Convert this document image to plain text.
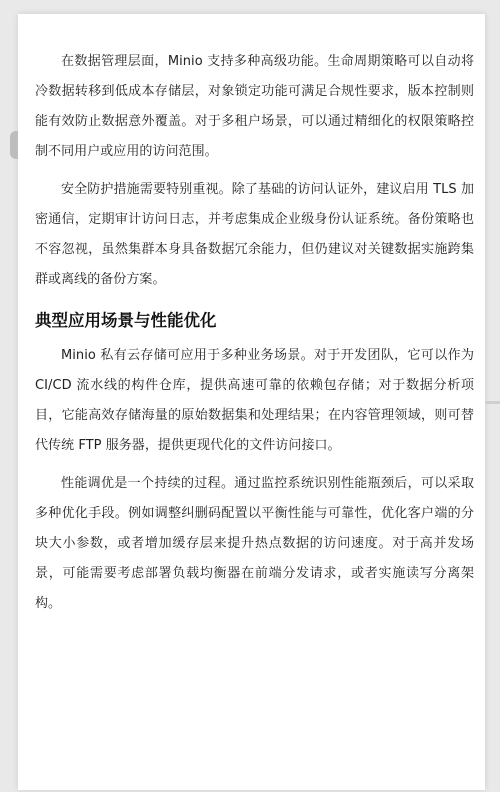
在数据管理层面，Minio 支持多种高级功能。生命周期策略可以自动将冷数据转移到低成本存储层，对象锁定功能可满足合规性要求，版本控制则能有效防止数据意外覆盖。对于多租户场景，可以通过精细化的权限策略控制不同用户或应用的访问范围。

安全防护措施需要特别重视。除了基础的访问认证外，建议启用 TLS 加密通信，定期审计访问日志，并考虑集成企业级身份认证系统。备份策略也不容忽视，虽然集群本身具备数据冗余能力，但仍建议对关键数据实施跨集群或离线的备份方案。

典型应用场景与性能优化

Minio 私有云存储可应用于多种业务场景。对于开发团队，它可以作为 CI/CD 流水线的构件仓库，提供高速可靠的依赖包存储；对于数据分析项目，它能高效存储海量的原始数据集和处理结果；在内容管理领域，则可替代传统 FTP 服务器，提供更现代化的文件访问接口。

性能调优是一个持续的过程。通过监控系统识别性能瓶颈后，可以采取多种优化手段。例如调整纠删码配置以平衡性能与可靠性，优化客户端的分块大小参数，或者增加缓存层来提升热点数据的访问速度。对于高并发场景，可能需要考虑部署负载均衡器在前端分发请求，或者实施读写分离架构。
